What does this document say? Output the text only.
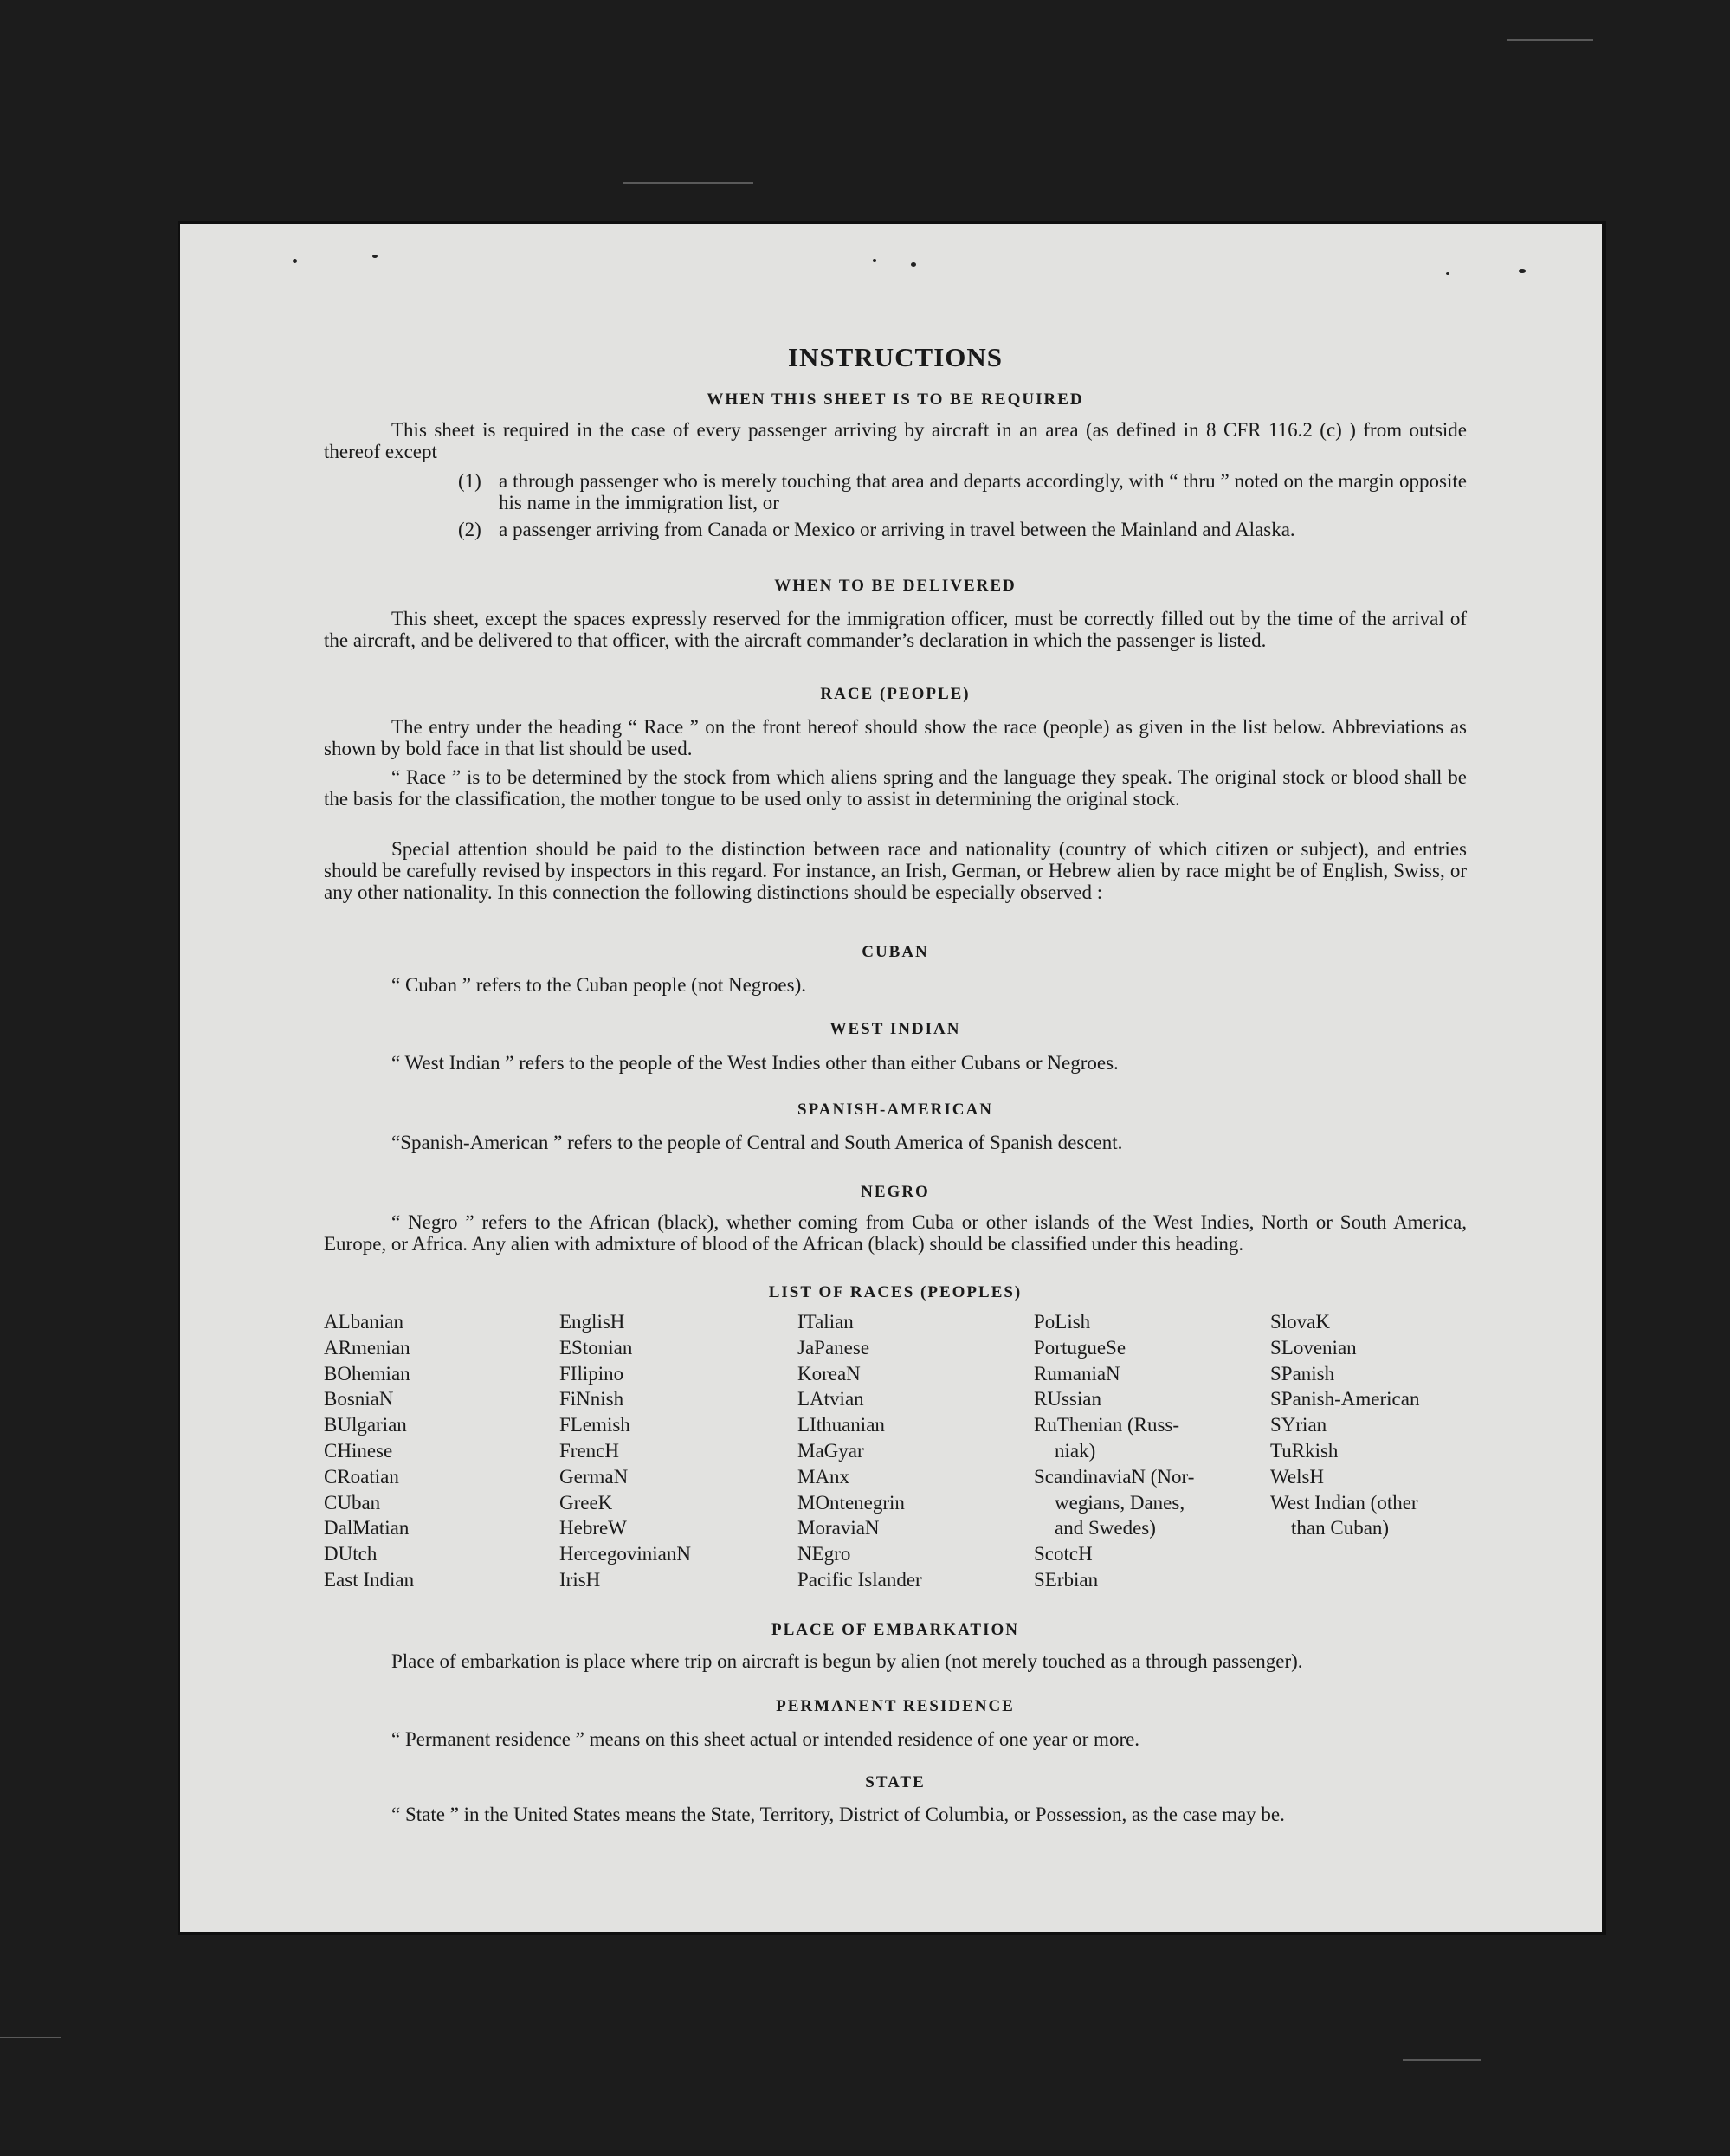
INSTRUCTIONS
WHEN THIS SHEET IS TO BE REQUIRED
This sheet is required in the case of every passenger arriving by aircraft in an area (as defined in 8 CFR 116.2 (c) ) from outside thereof except
(1) a through passenger who is merely touching that area and departs accordingly, with “ thru ” noted on the margin opposite his name in the immigration list, or
(2) a passenger arriving from Canada or Mexico or arriving in travel between the Mainland and Alaska.
WHEN TO BE DELIVERED
This sheet, except the spaces expressly reserved for the immigration officer, must be correctly filled out by the time of the arrival of the aircraft, and be delivered to that officer, with the aircraft commander’s declaration in which the passenger is listed.
RACE (PEOPLE)
The entry under the heading “ Race ” on the front hereof should show the race (people) as given in the list below. Abbreviations as shown by bold face in that list should be used.
“ Race ” is to be determined by the stock from which aliens spring and the language they speak. The original stock or blood shall be the basis for the classification, the mother tongue to be used only to assist in determining the original stock.
Special attention should be paid to the distinction between race and nationality (country of which citizen or subject), and entries should be carefully revised by inspectors in this regard. For instance, an Irish, German, or Hebrew alien by race might be of English, Swiss, or any other nationality. In this connection the following distinctions should be especially observed :
CUBAN
“ Cuban ” refers to the Cuban people (not Negroes).
WEST INDIAN
“ West Indian ” refers to the people of the West Indies other than either Cubans or Negroes.
SPANISH-AMERICAN
“Spanish-American ” refers to the people of Central and South America of Spanish descent.
NEGRO
“ Negro ” refers to the African (black), whether coming from Cuba or other islands of the West Indies, North or South America, Europe, or Africa. Any alien with admixture of blood of the African (black) should be classified under this heading.
LIST OF RACES (PEOPLES)
ALbanian
ARmenian
BOhemian
BosniaN
BUlgarian
CHinese
CRoatian
CUban
DalMatian
DUtch
East Indian
EnglisH
EStonian
FIlipino
FiNnish
FLemish
FrencH
GermaN
GreeK
HebreW
HercegovinianN
IrisH
ITalian
JaPanese
KoreaN
LAtvian
LIthuanian
MaGyar
MAnx
MOntenegrin
MoraviaN
NEgro
Pacific Islander
PoLish
PortugueSe
RumaniaN
RUssian
RuThenian (Russ-
niak)
ScandinaviaN (Nor-
wegians, Danes,
and Swedes)
ScotcH
SErbian
SlovaK
SLovenian
SPanish
SPanish-American
SYrian
TuRkish
WelsH
West Indian (other
than Cuban)
PLACE OF EMBARKATION
Place of embarkation is place where trip on aircraft is begun by alien (not merely touched as a through passenger).
PERMANENT RESIDENCE
“ Permanent residence ” means on this sheet actual or intended residence of one year or more.
STATE
“ State ” in the United States means the State, Territory, District of Columbia, or Possession, as the case may be.
